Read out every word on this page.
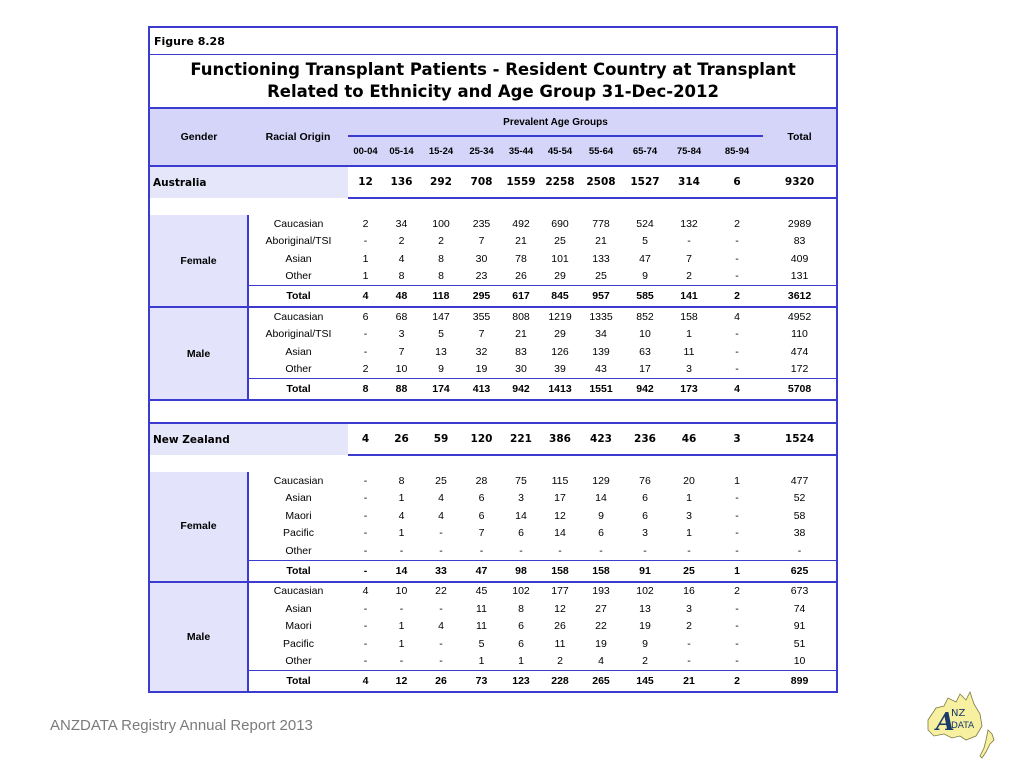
Figure 8.28												

Functioning Transplant Patients - Resident Country at Transplant
Related to Ethnicity and Age Group 31-Dec-2012												

Gender	Racial Origin	Prevalent Age Groups										Total
		00-04	05-14	15-24	25-34	35-44	45-54	55-64	65-74	75-84	85-94	
Australia		12	136	292	708	1559	2258	2508	1527	314	6	9320

Female	Caucasian	2	34	100	235	492	690	778	524	132	2	2989
	Aboriginal/TSI	-	2	2	7	21	25	21	5	-	-	83
	Asian	1	4	8	30	78	101	133	47	7	-	409
	Other	1	8	8	23	26	29	25	9	2	-	131
	Total	4	48	118	295	617	845	957	585	141	2	3612
Male	Caucasian	6	68	147	355	808	1219	1335	852	158	4	4952
	Aboriginal/TSI	-	3	5	7	21	29	34	10	1	-	110
	Asian	-	7	13	32	83	126	139	63	11	-	474
	Other	2	10	9	19	30	39	43	17	3	-	172
	Total	8	88	174	413	942	1413	1551	942	173	4	5708

New Zealand		4	26	59	120	221	386	423	236	46	3	1524

Female	Caucasian	-	8	25	28	75	115	129	76	20	1	477
	Asian	-	1	4	6	3	17	14	6	1	-	52
	Maori	-	4	4	6	14	12	9	6	3	-	58
	Pacific	-	1	-	7	6	14	6	3	1	-	38
	Other	-	-	-	-	-	-	-	-	-	-	-
	Total	-	14	33	47	98	158	158	91	25	1	625
Male	Caucasian	4	10	22	45	102	177	193	102	16	2	673
	Asian	-	-	-	11	8	12	27	13	3	-	74
	Maori	-	1	4	11	6	26	22	19	2	-	91
	Pacific	-	1	-	5	6	11	19	9	-	-	51
	Other	-	-	-	1	1	2	4	2	-	-	10
	Total	4	12	26	73	123	228	265	145	21	2	899
ANZDATA Registry Annual Report 2013	A
NZ
DATA
